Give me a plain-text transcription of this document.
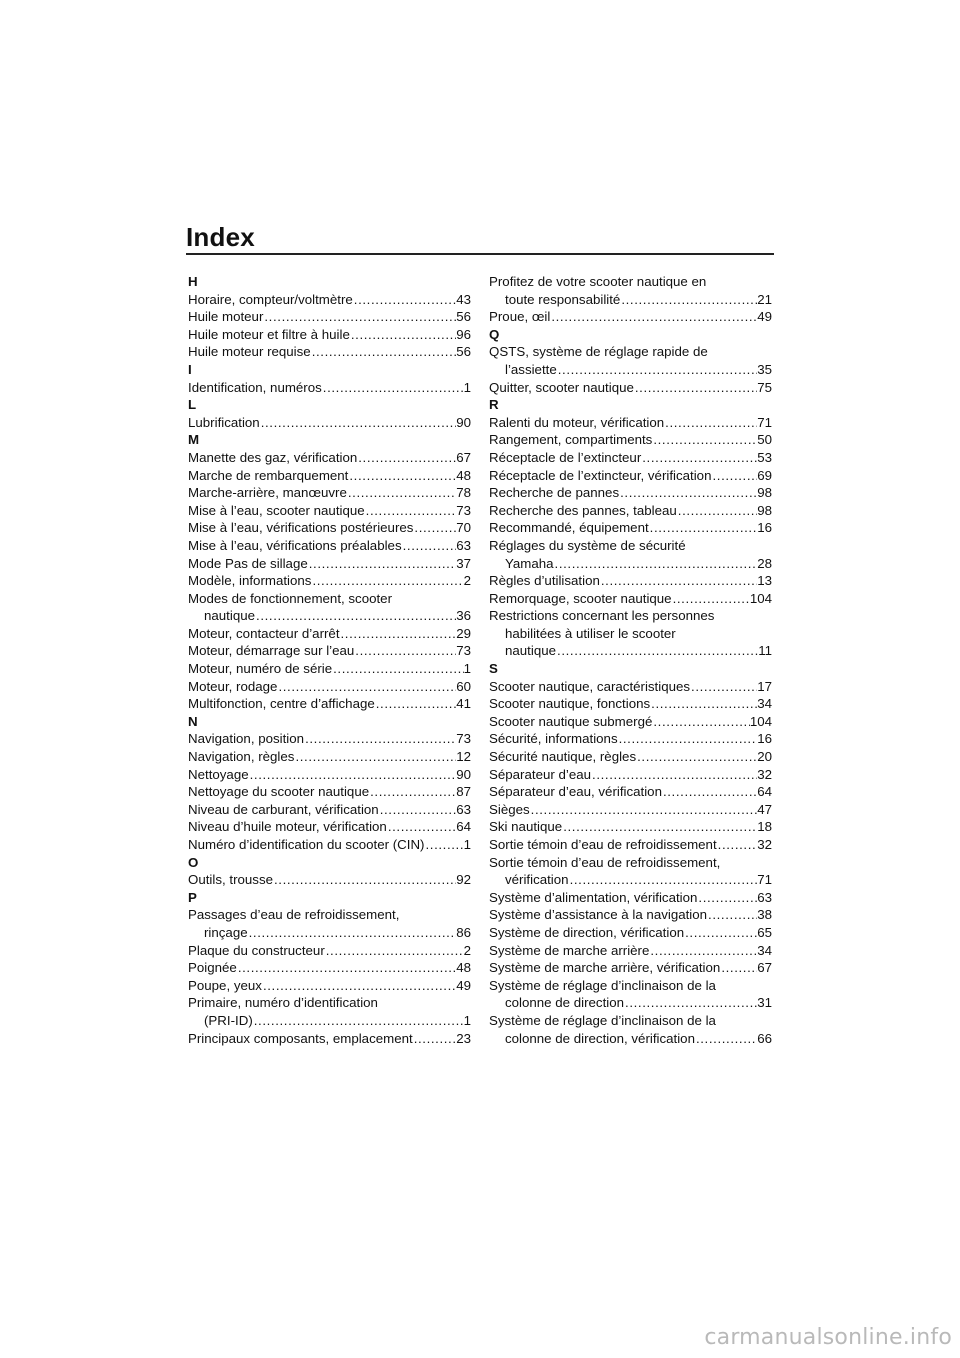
Index
H
Horaire, compteur/voltmètre .....	43
Huile moteur .....	56
Huile moteur et filtre à huile .....	96
Huile moteur requise .....	56
I
Identification, numéros .....	1
L
Lubrification .....	90
M
Manette des gaz, vérification .....	67
Marche de rembarquement .....	48
Marche-arrière, manœuvre .....	78
Mise à l’eau, scooter nautique .....	73
Mise à l’eau, vérifications postérieures .....	70
Mise à l’eau, vérifications préalables .....	63
Mode Pas de sillage .....	37
Modèle, informations .....	2
Modes de fonctionnement, scooter
nautique .....	36
Moteur, contacteur d’arrêt .....	29
Moteur, démarrage sur l’eau .....	73
Moteur, numéro de série .....	1
Moteur, rodage .....	60
Multifonction, centre d’affichage .....	41
N
Navigation, position .....	73
Navigation, règles .....	12
Nettoyage .....	90
Nettoyage du scooter nautique .....	87
Niveau de carburant, vérification .....	63
Niveau d’huile moteur, vérification .....	64
Numéro d’identification du scooter (CIN) .....	1
O
Outils, trousse .....	92
P
Passages d’eau de refroidissement,
rinçage .....	86
Plaque du constructeur .....	2
Poignée .....	48
Poupe, yeux .....	49
Primaire, numéro d’identification
(PRI-ID) .....	1
Principaux composants, emplacement .....	23
Profitez de votre scooter nautique en
toute responsabilité .....	21
Proue, œil .....	49
Q
QSTS, système de réglage rapide de
l’assiette .....	35
Quitter, scooter nautique .....	75
R
Ralenti du moteur, vérification .....	71
Rangement, compartiments .....	50
Réceptacle de l’extincteur .....	53
Réceptacle de l’extincteur, vérification .....	69
Recherche de pannes .....	98
Recherche des pannes, tableau .....	98
Recommandé, équipement .....	16
Réglages du système de sécurité
Yamaha .....	28
Règles d’utilisation .....	13
Remorquage, scooter nautique .....	104
Restrictions concernant les personnes
habilitées à utiliser le scooter
nautique .....	11
S
Scooter nautique, caractéristiques .....	17
Scooter nautique, fonctions .....	34
Scooter nautique submergé .....	104
Sécurité, informations .....	16
Sécurité nautique, règles .....	20
Séparateur d’eau .....	32
Séparateur d’eau, vérification .....	64
Sièges .....	47
Ski nautique .....	18
Sortie témoin d’eau de refroidissement .....	32
Sortie témoin d’eau de refroidissement,
vérification .....	71
Système d’alimentation, vérification .....	63
Système d’assistance à la navigation .....	38
Système de direction, vérification .....	65
Système de marche arrière .....	34
Système de marche arrière, vérification .....	67
Système de réglage d’inclinaison de la
colonne de direction .....	31
Système de réglage d’inclinaison de la
colonne de direction, vérification .....	66
carmanualsonline.info
